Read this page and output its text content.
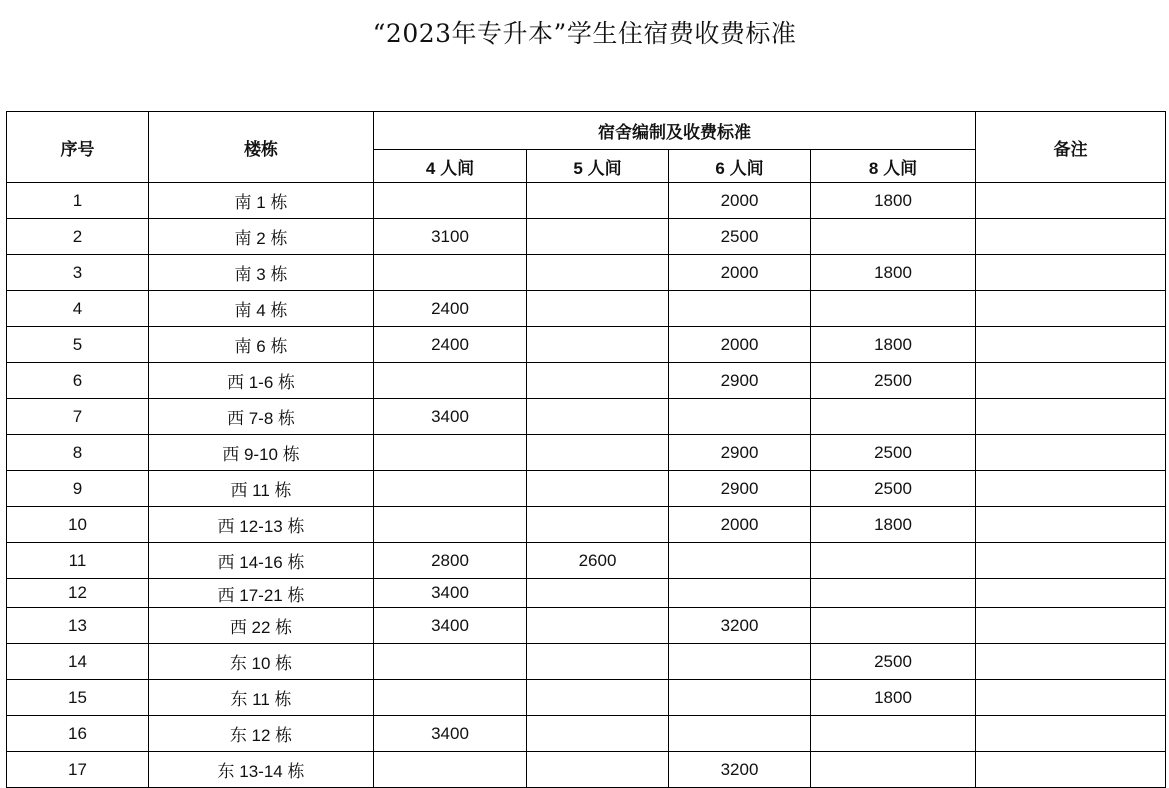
“2023年专升本”学生住宿费收费标准
序号	楼栋	宿舍编制及收费标准				备注
		4 人间	5 人间	6 人间	8 人间	
1	南 1 栋			2000	1800	
2	南 2 栋	3100		2500		
3	南 3 栋			2000	1800	
4	南 4 栋	2400				
5	南 6 栋	2400		2000	1800	
6	西 1-6 栋			2900	2500	
7	西 7-8 栋	3400				
8	西 9-10 栋			2900	2500	
9	西 11 栋			2900	2500	
10	西 12-13 栋			2000	1800	
11	西 14-16 栋	2800	2600			
12	西 17-21 栋	3400				
13	西 22 栋	3400		3200		
14	东 10 栋				2500	
15	东 11 栋				1800	
16	东 12 栋	3400				
17	东 13-14 栋			3200		
